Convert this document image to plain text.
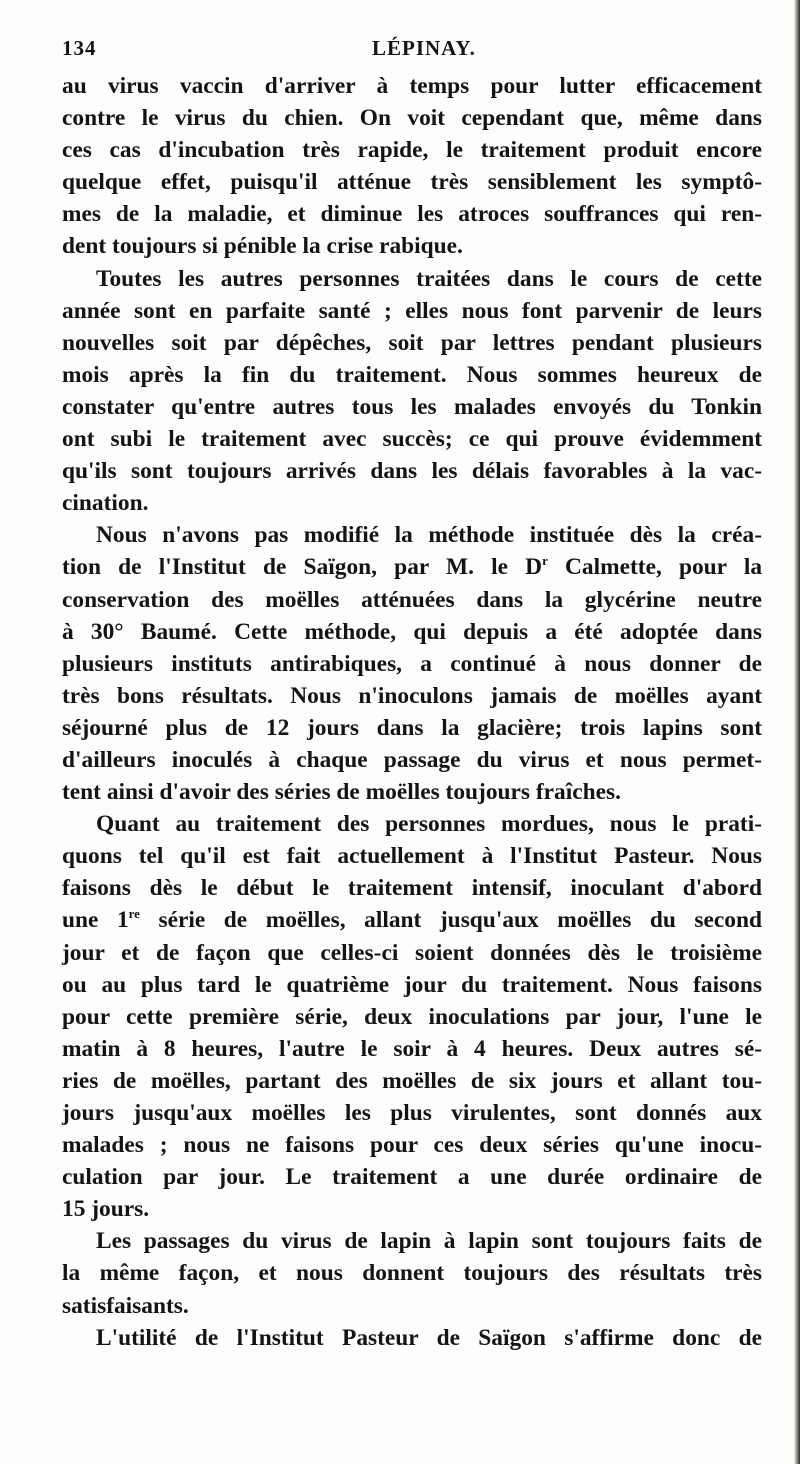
134	LÉPINAY.
au virus vaccin d'arriver à temps pour lutter efficacement
contre le virus du chien. On voit cependant que, même dans
ces cas d'incubation très rapide, le traitement produit encore
quelque effet, puisqu'il atténue très sensiblement les symptô-
mes de la maladie, et diminue les atroces souffrances qui ren-
dent toujours si pénible la crise rabique.
Toutes les autres personnes traitées dans le cours de cette
année sont en parfaite santé ; elles nous font parvenir de leurs
nouvelles soit par dépêches, soit par lettres pendant plusieurs
mois après la fin du traitement. Nous sommes heureux de
constater qu'entre autres tous les malades envoyés du Tonkin
ont subi le traitement avec succès; ce qui prouve évidemment
qu'ils sont toujours arrivés dans les délais favorables à la vac-
cination.
Nous n'avons pas modifié la méthode instituée dès la créa-
tion de l'Institut de Saïgon, par M. le $D^r$ Calmette, pour la
conservation des moëlles atténuées dans la glycérine neutre
à 30° Baumé. Cette méthode, qui depuis a été adoptée dans
plusieurs instituts antirabiques, a continué à nous donner de
très bons résultats. Nous n'inoculons jamais de moëlles ayant
séjourné plus de 12 jours dans la glacière; trois lapins sont
d'ailleurs inoculés à chaque passage du virus et nous permet-
tent ainsi d'avoir des séries de moëlles toujours fraîches.
Quant au traitement des personnes mordues, nous le prati-
quons tel qu'il est fait actuellement à l'Institut Pasteur. Nous
faisons dès le début le traitement intensif, inoculant d'abord
une 1re série de moëlles, allant jusqu'aux moëlles du second
jour et de façon que celles-ci soient données dès le troisième
ou au plus tard le quatrième jour du traitement. Nous faisons
pour cette première série, deux inoculations par jour, l'une le
matin à 8 heures, l'autre le soir à 4 heures. Deux autres sé-
ries de moëlles, partant des moëlles de six jours et allant tou-
jours jusqu'aux moëlles les plus virulentes, sont donnés aux
malades ; nous ne faisons pour ces deux séries qu'une inocu-
culation par jour. Le traitement a une durée ordinaire de
15 jours.
Les passages du virus de lapin à lapin sont toujours faits de
la même façon, et nous donnent toujours des résultats très
satisfaisants.
L'utilité de l'Institut Pasteur de Saïgon s'affirme donc de
